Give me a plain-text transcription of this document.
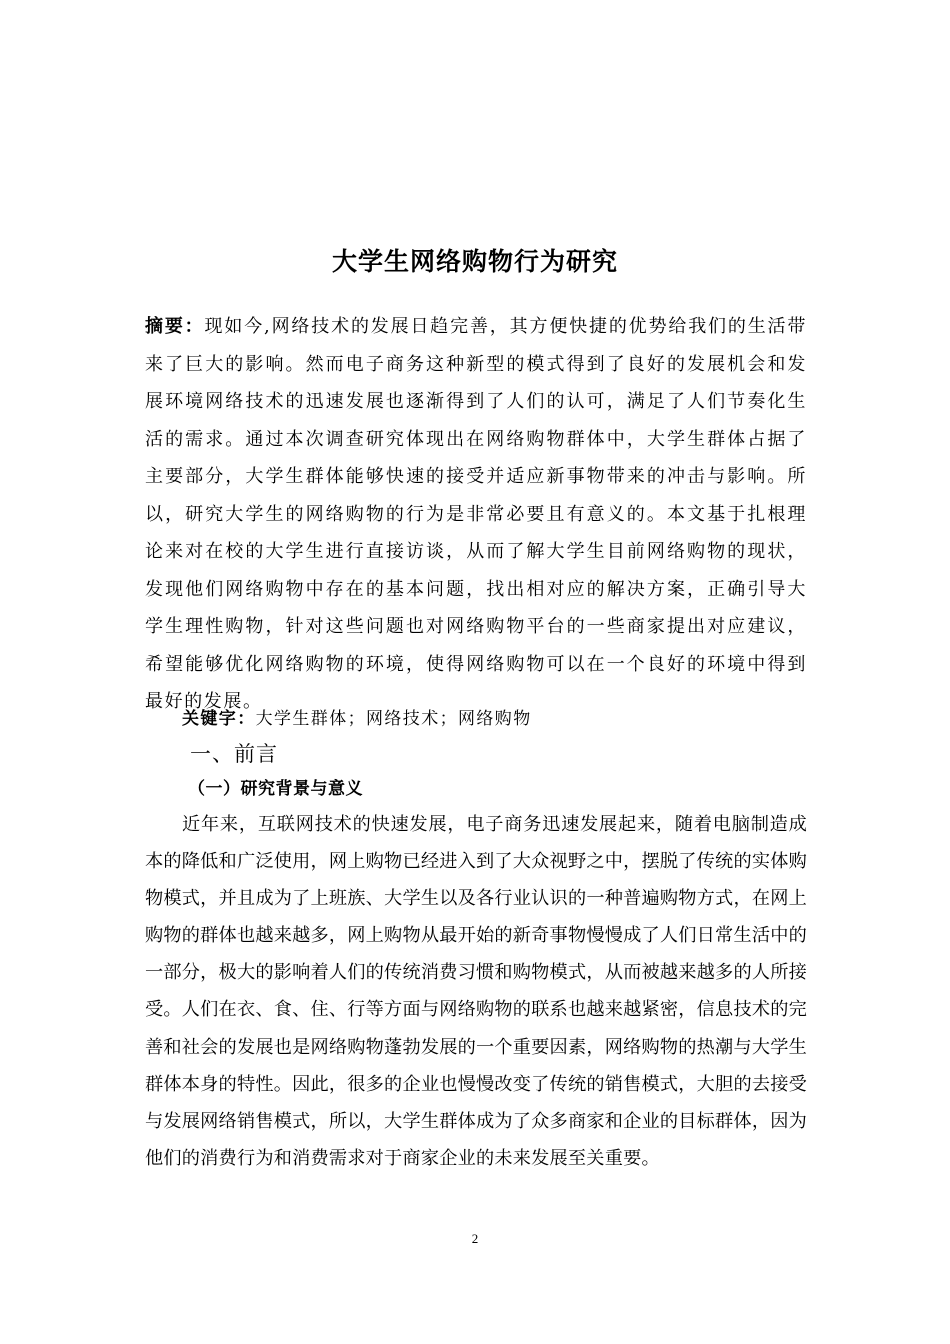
大学生网络购物行为研究
摘要：现如今,网络技术的发展日趋完善，其方便快捷的优势给我们的生活带来了巨大的影响。然而电子商务这种新型的模式得到了良好的发展机会和发展环境网络技术的迅速发展也逐渐得到了人们的认可，满足了人们节奏化生活的需求。通过本次调查研究体现出在网络购物群体中，大学生群体占据了主要部分，大学生群体能够快速的接受并适应新事物带来的冲击与影响。所以，研究大学生的网络购物的行为是非常必要且有意义的。本文基于扎根理论来对在校的大学生进行直接访谈，从而了解大学生目前网络购物的现状，发现他们网络购物中存在的基本问题，找出相对应的解决方案，正确引导大学生理性购物，针对这些问题也对网络购物平台的一些商家提出对应建议，希望能够优化网络购物的环境，使得网络购物可以在一个良好的环境中得到最好的发展。
关键字：大学生群体；网络技术；网络购物
一、前言
（一）研究背景与意义
近年来，互联网技术的快速发展，电子商务迅速发展起来，随着电脑制造成本的降低和广泛使用，网上购物已经进入到了大众视野之中，摆脱了传统的实体购物模式，并且成为了上班族、大学生以及各行业认识的一种普遍购物方式，在网上购物的群体也越来越多，网上购物从最开始的新奇事物慢慢成了人们日常生活中的一部分，极大的影响着人们的传统消费习惯和购物模式，从而被越来越多的人所接受。人们在衣、食、住、行等方面与网络购物的联系也越来越紧密，信息技术的完善和社会的发展也是网络购物蓬勃发展的一个重要因素，网络购物的热潮与大学生群体本身的特性。因此，很多的企业也慢慢改变了传统的销售模式，大胆的去接受与发展网络销售模式，所以，大学生群体成为了众多商家和企业的目标群体，因为他们的消费行为和消费需求对于商家企业的未来发展至关重要。
2
